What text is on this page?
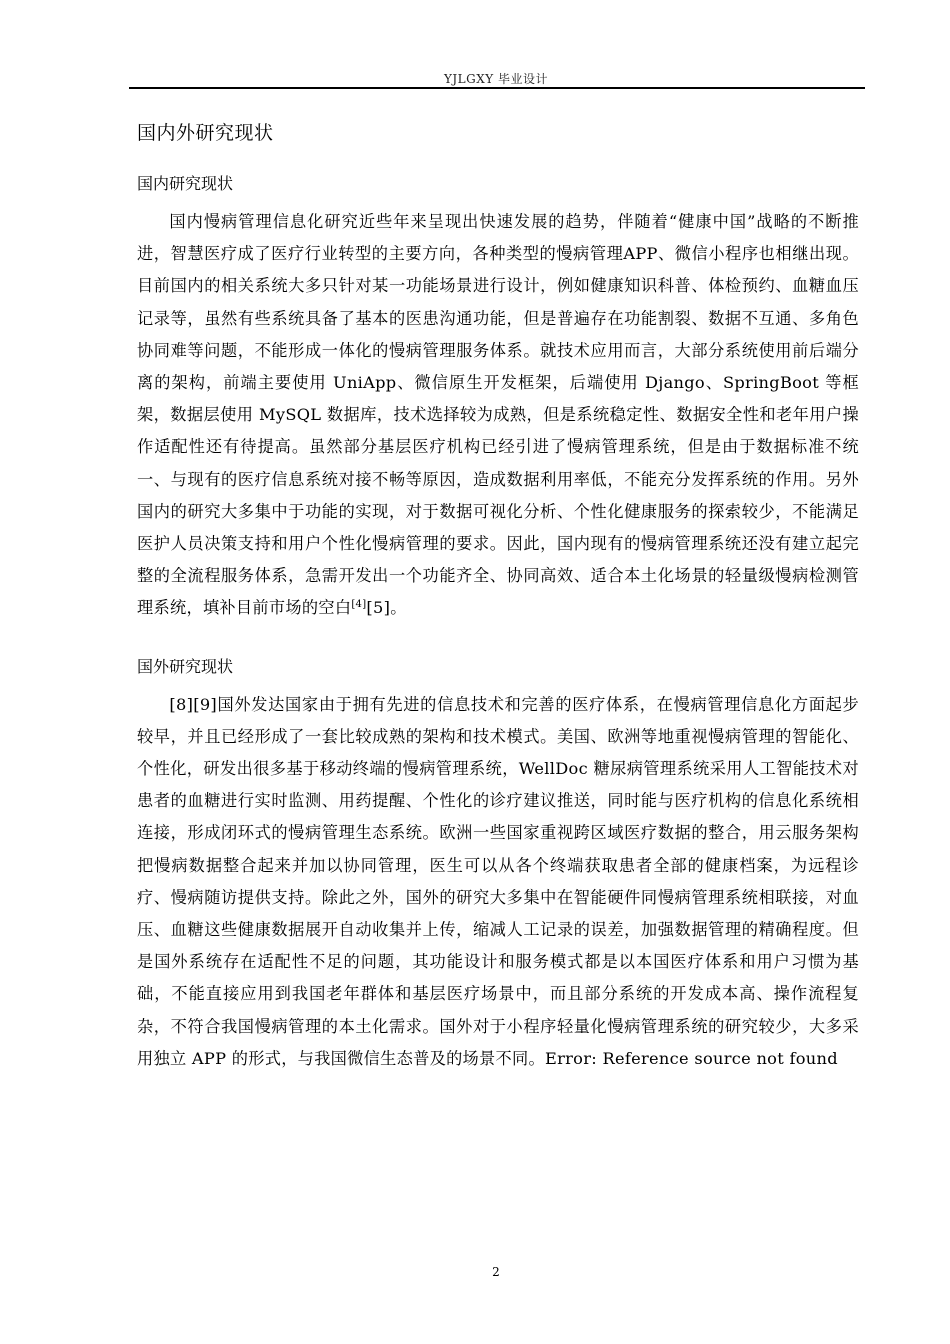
YJLGXY 毕业设计
国内外研究现状
国内研究现状

国内慢病管理信息化研究近些年来呈现出快速发展的趋势，伴随着“健康中国”战略的不断推进，智慧医疗成了医疗行业转型的主要方向，各种类型的慢病管理APP、微信小程序也相继出现。目前国内的相关系统大多只针对某一功能场景进行设计，例如健康知识科普、体检预约、血糖血压记录等，虽然有些系统具备了基本的医患沟通功能，但是普遍存在功能割裂、数据不互通、多角色协同难等问题，不能形成一体化的慢病管理服务体系。就技术应用而言，大部分系统使用前后端分离的架构，前端主要使用 UniApp、微信原生开发框架，后端使用 Django、SpringBoot 等框架，数据层使用 MySQL 数据库，技术选择较为成熟，但是系统稳定性、数据安全性和老年用户操作适配性还有待提高。虽然部分基层医疗机构已经引进了慢病管理系统，但是由于数据标准不统一、与现有的医疗信息系统对接不畅等原因，造成数据利用率低，不能充分发挥系统的作用。另外国内的研究大多集中于功能的实现，对于数据可视化分析、个性化健康服务的探索较少，不能满足医护人员决策支持和用户个性化慢病管理的要求。因此，国内现有的慢病管理系统还没有建立起完整的全流程服务体系，急需开发出一个功能齐全、协同高效、适合本土化场景的轻量级慢病检测管理系统，填补目前市场的空白[4][5]。

国外研究现状

[8][9]国外发达国家由于拥有先进的信息技术和完善的医疗体系，在慢病管理信息化方面起步较早，并且已经形成了一套比较成熟的架构和技术模式。美国、欧洲等地重视慢病管理的智能化、个性化，研发出很多基于移动终端的慢病管理系统，WellDoc 糖尿病管理系统采用人工智能技术对患者的血糖进行实时监测、用药提醒、个性化的诊疗建议推送，同时能与医疗机构的信息化系统相连接，形成闭环式的慢病管理生态系统。欧洲一些国家重视跨区域医疗数据的整合，用云服务架构把慢病数据整合起来并加以协同管理，医生可以从各个终端获取患者全部的健康档案，为远程诊疗、慢病随访提供支持。除此之外，国外的研究大多集中在智能硬件同慢病管理系统相联接，对血压、血糖这些健康数据展开自动收集并上传，缩减人工记录的误差，加强数据管理的精确程度。但是国外系统存在适配性不足的问题，其功能设计和服务模式都是以本国医疗体系和用户习惯为基础，不能直接应用到我国老年群体和基层医疗场景中，而且部分系统的开发成本高、操作流程复杂，不符合我国慢病管理的本土化需求。国外对于小程序轻量化慢病管理系统的研究较少，大多采用独立 APP 的形式，与我国微信生态普及的场景不同。Error: Reference source not found

2
